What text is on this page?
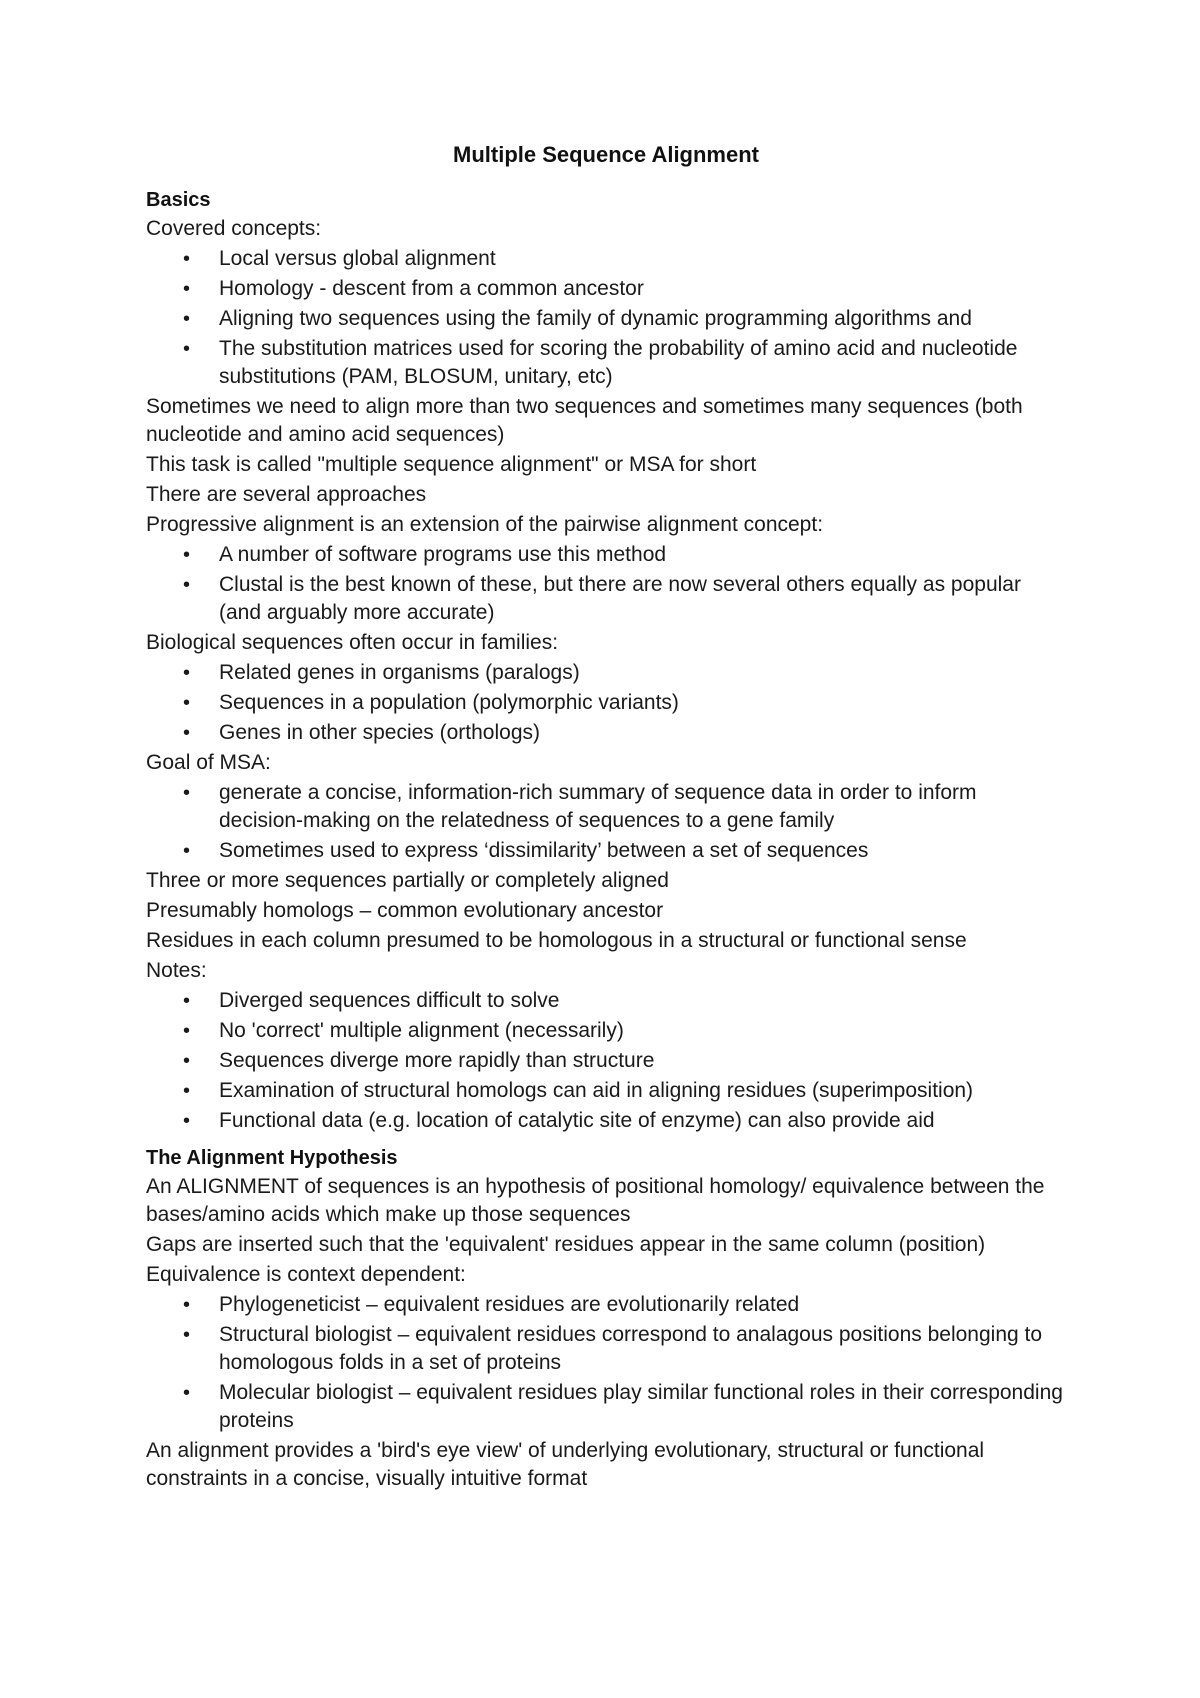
Multiple Sequence Alignment
Basics

Covered concepts:

• Local versus global alignment
• Homology - descent from a common ancestor
• Aligning two sequences using the family of dynamic programming algorithms and
• The substitution matrices used for scoring the probability of amino acid and nucleotide substitutions (PAM, BLOSUM, unitary, etc)

Sometimes we need to align more than two sequences and sometimes many sequences (both nucleotide and amino acid sequences)

This task is called "multiple sequence alignment" or MSA for short

There are several approaches

Progressive alignment is an extension of the pairwise alignment concept:

• A number of software programs use this method
• Clustal is the best known of these, but there are now several others equally as popular (and arguably more accurate)

Biological sequences often occur in families:

• Related genes in organisms (paralogs)
• Sequences in a population (polymorphic variants)
• Genes in other species (orthologs)

Goal of MSA:

• generate a concise, information-rich summary of sequence data in order to inform decision-making on the relatedness of sequences to a gene family
• Sometimes used to express ‘dissimilarity’ between a set of sequences

Three or more sequences partially or completely aligned

Presumably homologs – common evolutionary ancestor

Residues in each column presumed to be homologous in a structural or functional sense

Notes:

• Diverged sequences difficult to solve
• No 'correct' multiple alignment (necessarily)
• Sequences diverge more rapidly than structure
• Examination of structural homologs can aid in aligning residues (superimposition)
• Functional data (e.g. location of catalytic site of enzyme) can also provide aid
The Alignment Hypothesis

An ALIGNMENT of sequences is an hypothesis of positional homology/ equivalence between the bases/amino acids which make up those sequences

Gaps are inserted such that the 'equivalent' residues appear in the same column (position)

Equivalence is context dependent:

• Phylogeneticist – equivalent residues are evolutionarily related
• Structural biologist – equivalent residues correspond to analagous positions belonging to homologous folds in a set of proteins
• Molecular biologist – equivalent residues play similar functional roles in their corresponding proteins

An alignment provides a 'bird's eye view' of underlying evolutionary, structural or functional constraints in a concise, visually intuitive format
